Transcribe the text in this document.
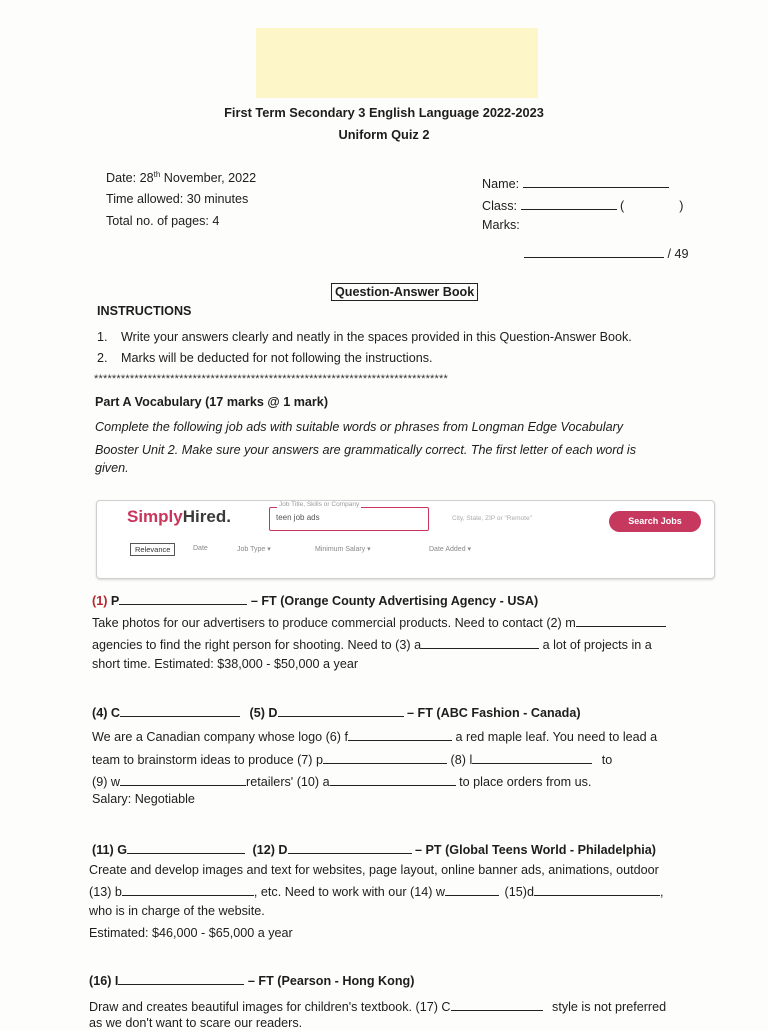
First Term Secondary 3 English Language 2022-2023
Uniform Quiz 2
Date: 28th November, 2022
Time allowed: 30 minutes
Total no. of pages: 4
Name:
Class:	(	)
Marks:
/ 49
Question-Answer Book
INSTRUCTIONS
1. Write your answers clearly and neatly in the spaces provided in this Question-Answer Book.
2. Marks will be deducted for not following the instructions.
*******************************************************************************
Part A Vocabulary (17 marks @ 1 mark)
Complete the following job ads with suitable words or phrases from Longman Edge Vocabulary
Booster Unit 2. Make sure your answers are grammatically correct. The first letter of each word is
given.
SimplyHired.	teen job ads
Job Title, Skills or Company
City, State, ZIP or "Remote"	Search Jobs
Relevance	Date	Job Type ▾	Minimum Salary ▾	Date Added ▾
(1) P	– FT (Orange County Advertising Agency - USA)
Take photos for our advertisers to produce commercial products. Need to contact (2) m
agencies to find the right person for shooting. Need to (3) a	a lot of projects in a
short time. Estimated: $38,000 - $50,000 a year
(4) C	(5) D	– FT (ABC Fashion - Canada)
We are a Canadian company whose logo (6) f	a red maple leaf. You need to lead a
team to brainstorm ideas to produce (7) p	(8) l	to
(9) w	retailers' (10) a	to place orders from us.
Salary: Negotiable
(11) G	(12) D	– PT (Global Teens World - Philadelphia)
Create and develop images and text for websites, page layout, online banner ads, animations, outdoor
(13) b	, etc. Need to work with our (14) w	(15)d	,
who is in charge of the website.
Estimated: $46,000 - $65,000 a year
(16) I	– FT (Pearson - Hong Kong)
Draw and creates beautiful images for children's textbook. (17) C	style is not preferred
as we don't want to scare our readers.
